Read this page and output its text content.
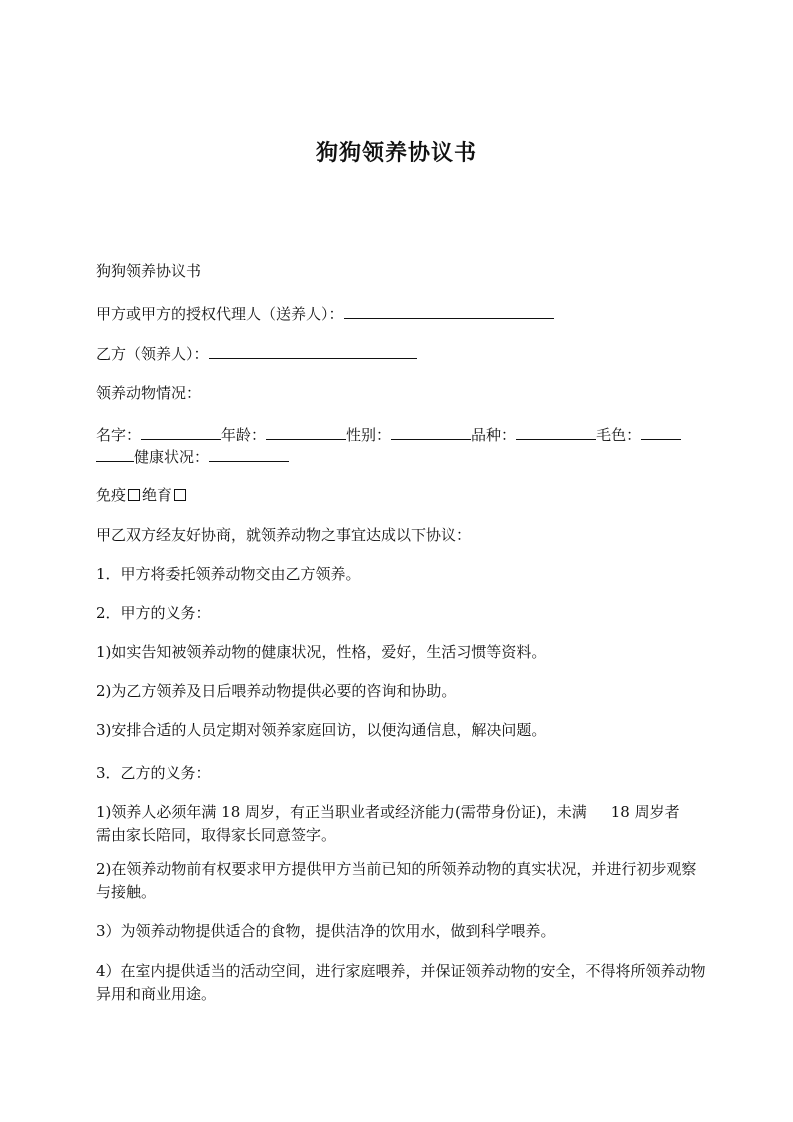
狗狗领养协议书
狗狗领养协议书
甲方或甲方的授权代理人（送养人）：
乙方（领养人）：
领养动物情况：
名字：	年龄：	性别：	品种：	毛色：
健康状况：
免疫 绝育
甲乙双方经友好协商，就领养动物之事宜达成以下协议：
1．甲方将委托领养动物交由乙方领养。
2．甲方的义务：
1)如实告知被领养动物的健康状况，性格，爱好，生活习惯等资料。
2)为乙方领养及日后喂养动物提供必要的咨询和协助。
3)安排合适的人员定期对领养家庭回访，以便沟通信息，解决问题。
3．乙方的义务：
1)领养人必须年满 18 周岁，有正当职业者或经济能力(需带身份证)，未满 18 周岁者
需由家长陪同，取得家长同意签字。
2)在领养动物前有权要求甲方提供甲方当前已知的所领养动物的真实状况，并进行初步观察与接触。
3）为领养动物提供适合的食物，提供洁净的饮用水，做到科学喂养。
4）在室内提供适当的活动空间，进行家庭喂养，并保证领养动物的安全，不得将所领养动物异用和商业用途。
